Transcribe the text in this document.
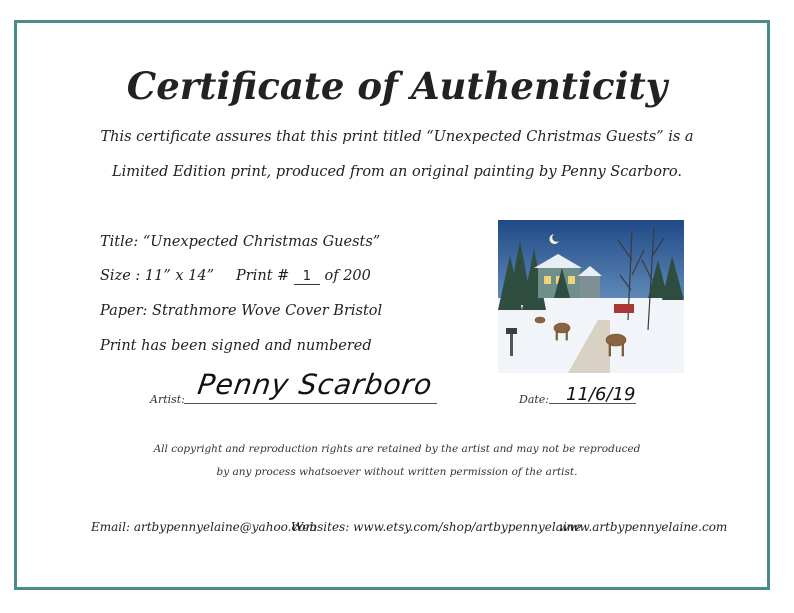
Certificate of Authenticity
This certificate assures that this print titled “Unexpected Christmas Guests” is a
Limited Edition print, produced from an original painting by Penny Scarboro.
Title: “Unexpected Christmas Guests”
Size : 11” x 14” Print # 1 of 200
Paper: Strathmore Wove Cover Bristol
Print has been signed and numbered
Artist: Penny Scarboro	Date: 11/6/19
All copyright and reproduction rights are retained by the artist and may not be reproduced
by any process whatsoever without written permission of the artist.
Email: artbypennyelaine@yahoo.com
Websites: www.etsy.com/shop/artbypennyelaine
www.artbypennyelaine.com
